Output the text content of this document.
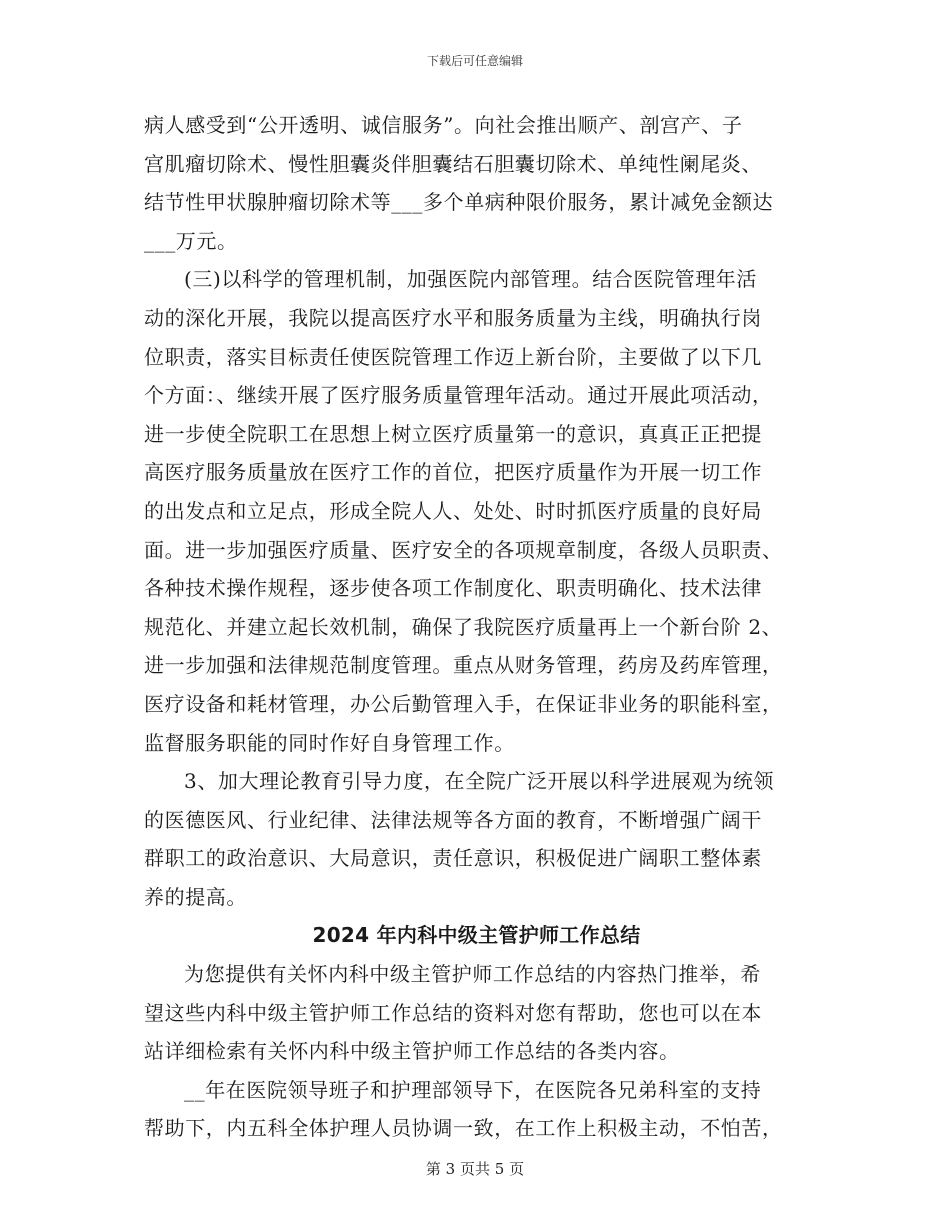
下载后可任意编辑
病人感受到“公开透明、诚信服务”。向社会推出顺产、剖宫产、子
宫肌瘤切除术、慢性胆囊炎伴胆囊结石胆囊切除术、单纯性阑尾炎、
结节性甲状腺肿瘤切除术等___多个单病种限价服务，累计减免金额达
___万元。
(三)以科学的管理机制，加强医院内部管理。结合医院管理年活
动的深化开展，我院以提高医疗水平和服务质量为主线，明确执行岗
位职责，落实目标责任使医院管理工作迈上新台阶，主要做了以下几
个方面：、继续开展了医疗服务质量管理年活动。通过开展此项活动，
进一步使全院职工在思想上树立医疗质量第一的意识，真真正正把提
高医疗服务质量放在医疗工作的首位，把医疗质量作为开展一切工作
的出发点和立足点，形成全院人人、处处、时时抓医疗质量的良好局
面。进一步加强医疗质量、医疗安全的各项规章制度，各级人员职责、
各种技术操作规程，逐步使各项工作制度化、职责明确化、技术法律
规范化、并建立起长效机制，确保了我院医疗质量再上一个新台阶 2、
进一步加强和法律规范制度管理。重点从财务管理，药房及药库管理，
医疗设备和耗材管理，办公后勤管理入手，在保证非业务的职能科室，
监督服务职能的同时作好自身管理工作。
3、加大理论教育引导力度，在全院广泛开展以科学进展观为统领
的医德医风、行业纪律、法律法规等各方面的教育，不断增强广阔干
群职工的政治意识、大局意识，责任意识，积极促进广阔职工整体素
养的提高。
2024 年内科中级主管护师工作总结
为您提供有关怀内科中级主管护师工作总结的内容热门推举，希
望这些内科中级主管护师工作总结的资料对您有帮助，您也可以在本
站详细检索有关怀内科中级主管护师工作总结的各类内容。
__年在医院领导班子和护理部领导下，在医院各兄弟科室的支持
帮助下，内五科全体护理人员协调一致，在工作上积极主动，不怕苦，
第 3 页共 5 页
